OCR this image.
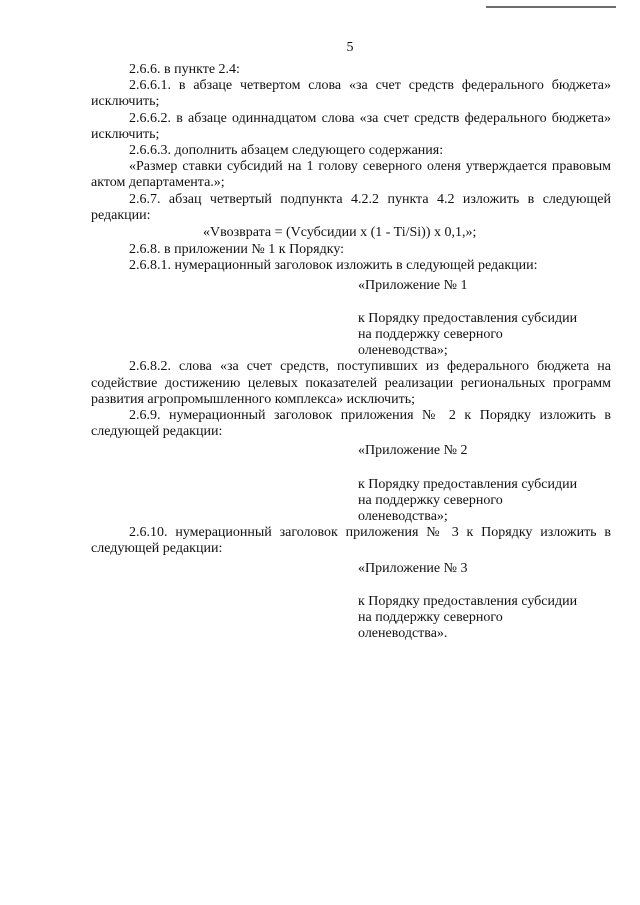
5

2.6.6. в пункте 2.4:

2.6.6.1. в абзаце четвертом слова «за счет средств федерального бюджета» исключить;

2.6.6.2. в абзаце одиннадцатом слова «за счет средств федерального бюджета» исключить;

2.6.6.3. дополнить абзацем следующего содержания:

«Размер ставки субсидий на 1 голову северного оленя утверждается правовым актом департамента.»;

2.6.7. абзац четвертый подпункта 4.2.2 пункта 4.2 изложить в следующей редакции:

«Vвозврата = (Vсубсидии x (1 - Ti/Si)) x 0,1,»;

2.6.8. в приложении № 1 к Порядку:

2.6.8.1. нумерационный заголовок изложить в следующей редакции:

«Приложение № 1
к Порядку предоставления субсидии
на поддержку северного
оленеводства»;

2.6.8.2. слова «за счет средств, поступивших из федерального бюджета на содействие достижению целевых показателей реализации региональных программ развития агропромышленного комплекса» исключить;

2.6.9. нумерационный заголовок приложения № 2 к Порядку изложить в следующей редакции:

«Приложение № 2
к Порядку предоставления субсидии
на поддержку северного
оленеводства»;

2.6.10. нумерационный заголовок приложения № 3 к Порядку изложить в следующей редакции:

«Приложение № 3
к Порядку предоставления субсидии
на поддержку северного
оленеводства».
